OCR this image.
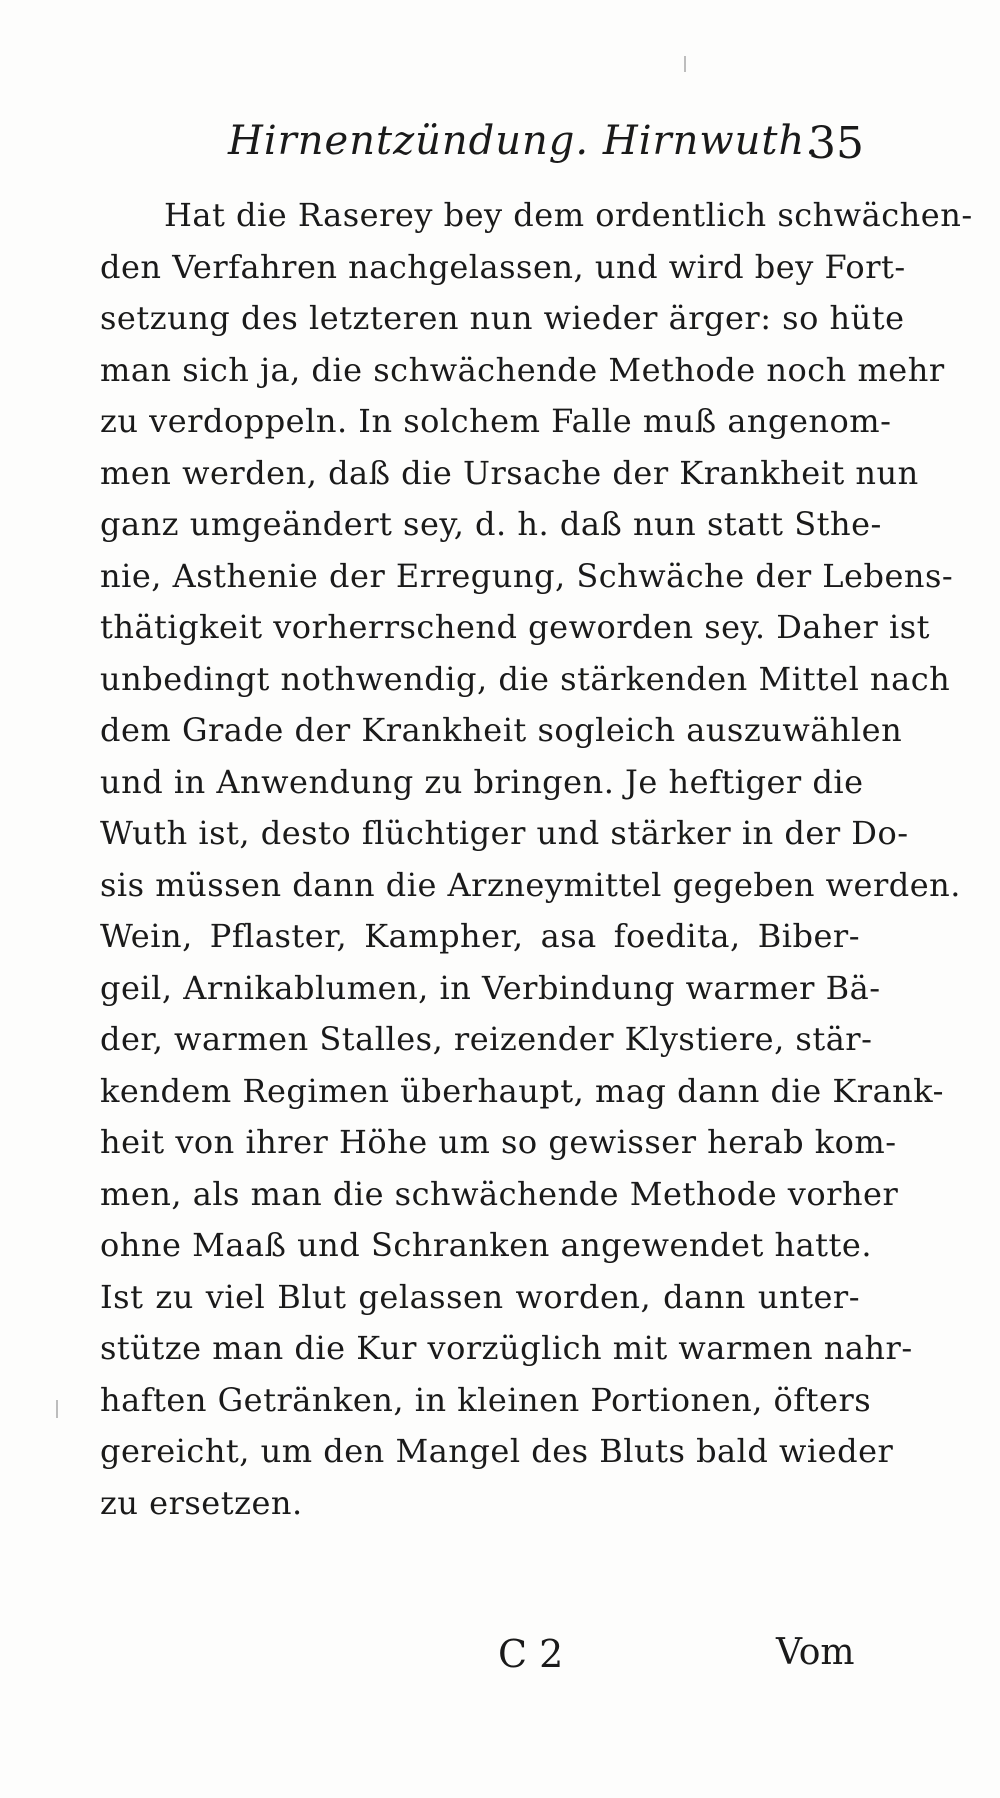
Hirnentzündung. Hirnwuth.
35
Hat die Raserey bey dem ordentlich schwächen-
den Verfahren nachgelassen, und wird bey Fort-
setzung des letzteren nun wieder ärger: so hüte
man sich ja, die schwächende Methode noch mehr
zu verdoppeln. In solchem Falle muß angenom-
men werden, daß die Ursache der Krankheit nun
ganz umgeändert sey, d. h. daß nun statt Sthe-
nie, Asthenie der Erregung, Schwäche der Lebens-
thätigkeit vorherrschend geworden sey. Daher ist
unbedingt nothwendig, die stärkenden Mittel nach
dem Grade der Krankheit sogleich auszuwählen
und in Anwendung zu bringen. Je heftiger die
Wuth ist, desto flüchtiger und stärker in der Do-
sis müssen dann die Arzneymittel gegeben werden.
Wein, Pflaster, Kampher, asa foedita, Biber-
geil, Arnikablumen, in Verbindung warmer Bä-
der, warmen Stalles, reizender Klystiere, stär-
kendem Regimen überhaupt, mag dann die Krank-
heit von ihrer Höhe um so gewisser herab kom-
men, als man die schwächende Methode vorher
ohne Maaß und Schranken angewendet hatte.
Ist zu viel Blut gelassen worden, dann unter-
stütze man die Kur vorzüglich mit warmen nahr-
haften Getränken, in kleinen Portionen, öfters
gereicht, um den Mangel des Bluts bald wieder
zu ersetzen.
C 2	Vom
